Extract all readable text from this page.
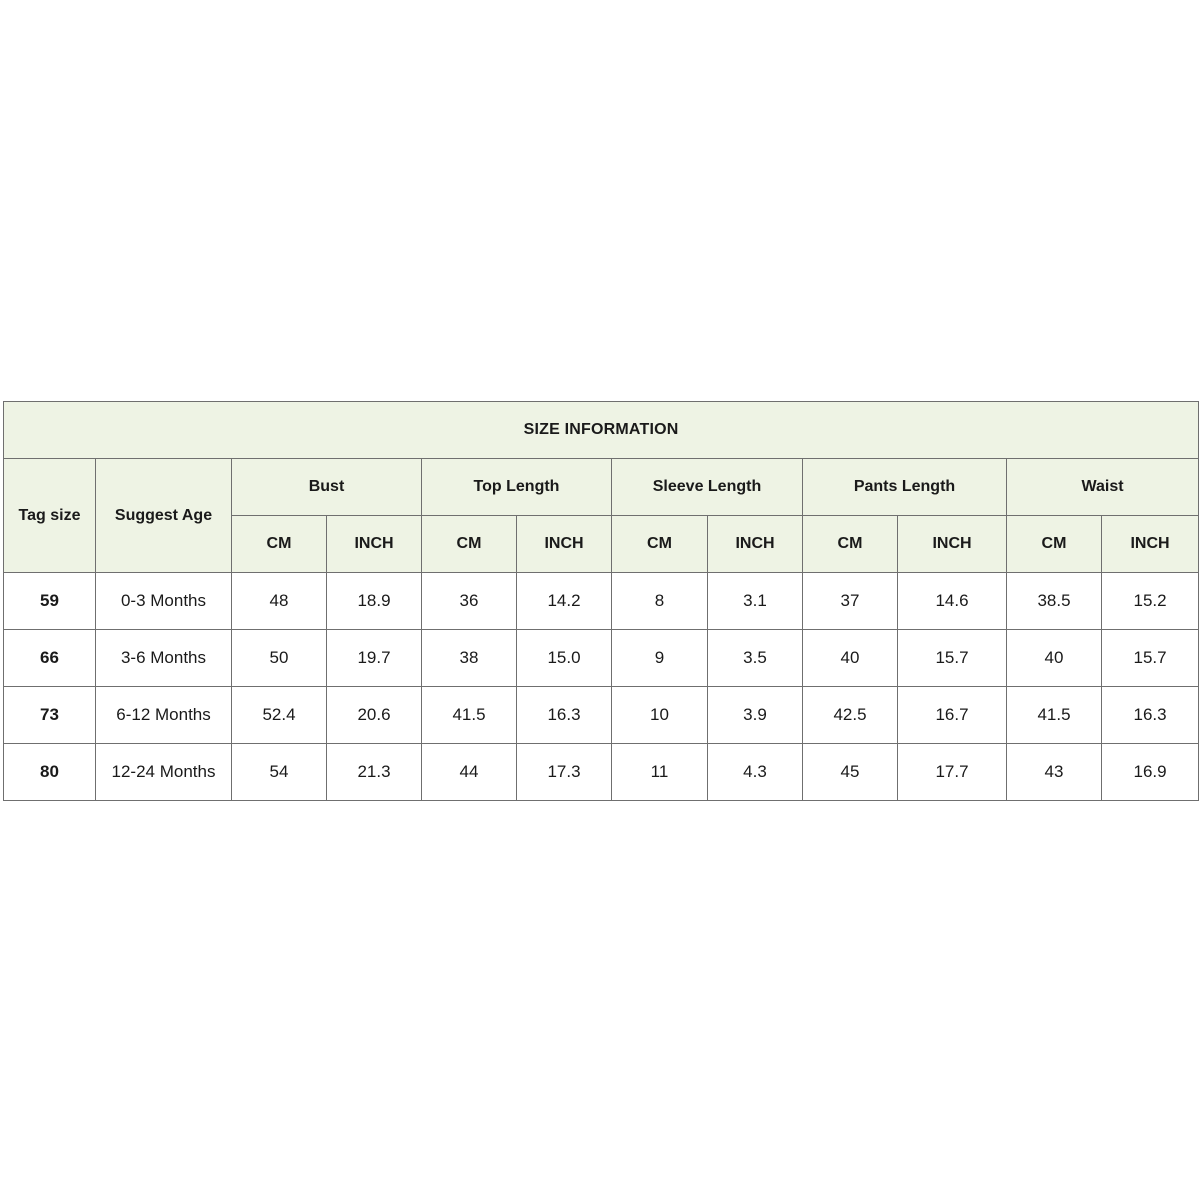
SIZE INFORMATION											
Tag size	Suggest Age	Bust		Top Length		Sleeve Length		Pants Length		Waist	
		CM	INCH	CM	INCH	CM	INCH	CM	INCH	CM	INCH
59	0-3 Months	48	18.9	36	14.2	8	3.1	37	14.6	38.5	15.2
66	3-6 Months	50	19.7	38	15.0	9	3.5	40	15.7	40	15.7
73	6-12 Months	52.4	20.6	41.5	16.3	10	3.9	42.5	16.7	41.5	16.3
80	12-24 Months	54	21.3	44	17.3	11	4.3	45	17.7	43	16.9
